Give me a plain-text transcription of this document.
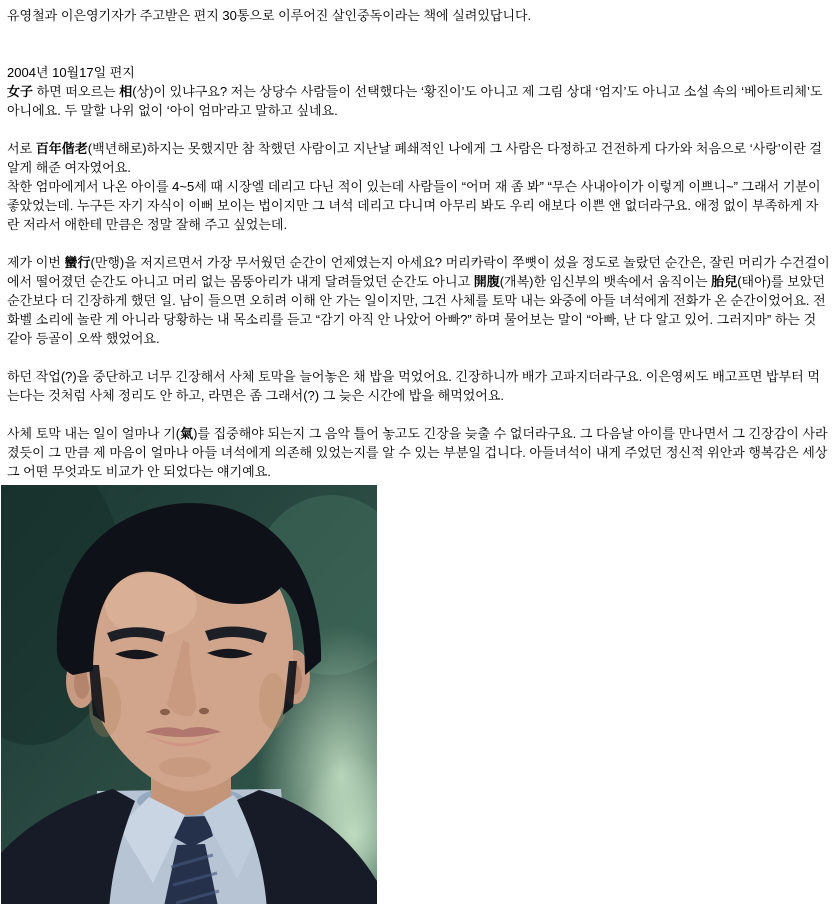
유영철과 이은영기자가 주고받은 편지 30통으로 이루어진 살인중독이라는 책에 실려있답니다.
2004년 10월17일 편지
女子 하면 떠오르는 相(상)이 있냐구요? 저는 상당수 사람들이 선택했다는 ‘황진이’도 아니고 제 그림 상대 ‘엄지’도 아니고 소설 속의 ‘베아트리체’도 아니에요. 두 말할 나위 없이 ‘아이 엄마’라고 말하고 싶네요.
서로 百年偕老(백년해로)하지는 못했지만 참 착했던 사람이고 지난날 폐쇄적인 나에게 그 사람은 다정하고 건전하게 다가와 처음으로 ‘사랑’이란 걸 알게 해준 여자였어요.
착한 엄마에게서 나온 아이를 4~5세 때 시장엘 데리고 다닌 적이 있는데 사람들이 “어머 재 좀 봐” “무슨 사내아이가 이렇게 이쁘니~” 그래서 기분이 좋았었는데. 누구든 자기 자식이 이뻐 보이는 법이지만 그 녀석 데리고 다니며 아무리 봐도 우리 애보다 이쁜 앤 없더라구요. 애정 없이 부족하게 자란 저라서 애한테 만큼은 정말 잘해 주고 싶었는데.
제가 이번 蠻行(만행)을 저지르면서 가장 무서웠던 순간이 언제였는지 아세요? 머리카락이 쭈뼛이 섰을 정도로 놀랐던 순간은, 잘린 머리가 수건걸이에서 떨어졌던 순간도 아니고 머리 없는 몸뚱아리가 내게 달려들었던 순간도 아니고 開腹(개복)한 임신부의 뱃속에서 움직이는 胎兒(태아)를 보았던 순간보다 더 긴장하게 했던 일. 남이 들으면 오히려 이해 안 가는 일이지만, 그건 사체를 토막 내는 와중에 아들 녀석에게 전화가 온 순간이었어요. 전화벨 소리에 놀란 게 아니라 당황하는 내 목소리를 듣고 “감기 아직 안 나았어 아빠?” 하며 물어보는 말이 “아빠, 난 다 알고 있어. 그러지마” 하는 것 같아 등골이 오싹 했었어요.
하던 작업(?)을 중단하고 너무 긴장해서 사체 토막을 늘어놓은 채 밥을 먹었어요. 긴장하니까 배가 고파지더라구요. 이은영씨도 배고프면 밥부터 먹는다는 것처럼 사체 정리도 안 하고, 라면은 좀 그래서(?) 그 늦은 시간에 밥을 해먹었어요.
사체 토막 내는 일이 얼마나 기(氣)를 집중해야 되는지 그 음악 틀어 놓고도 긴장을 늦출 수 없더라구요. 그 다음날 아이를 만나면서 그 긴장감이 사라졌듯이 그 만큼 제 마음이 얼마나 아들 녀석에게 의존해 있었는지를 알 수 있는 부분일 겁니다. 아들녀석이 내게 주었던 정신적 위안과 행복감은 세상 그 어떤 무엇과도 비교가 안 되었다는 얘기예요.
